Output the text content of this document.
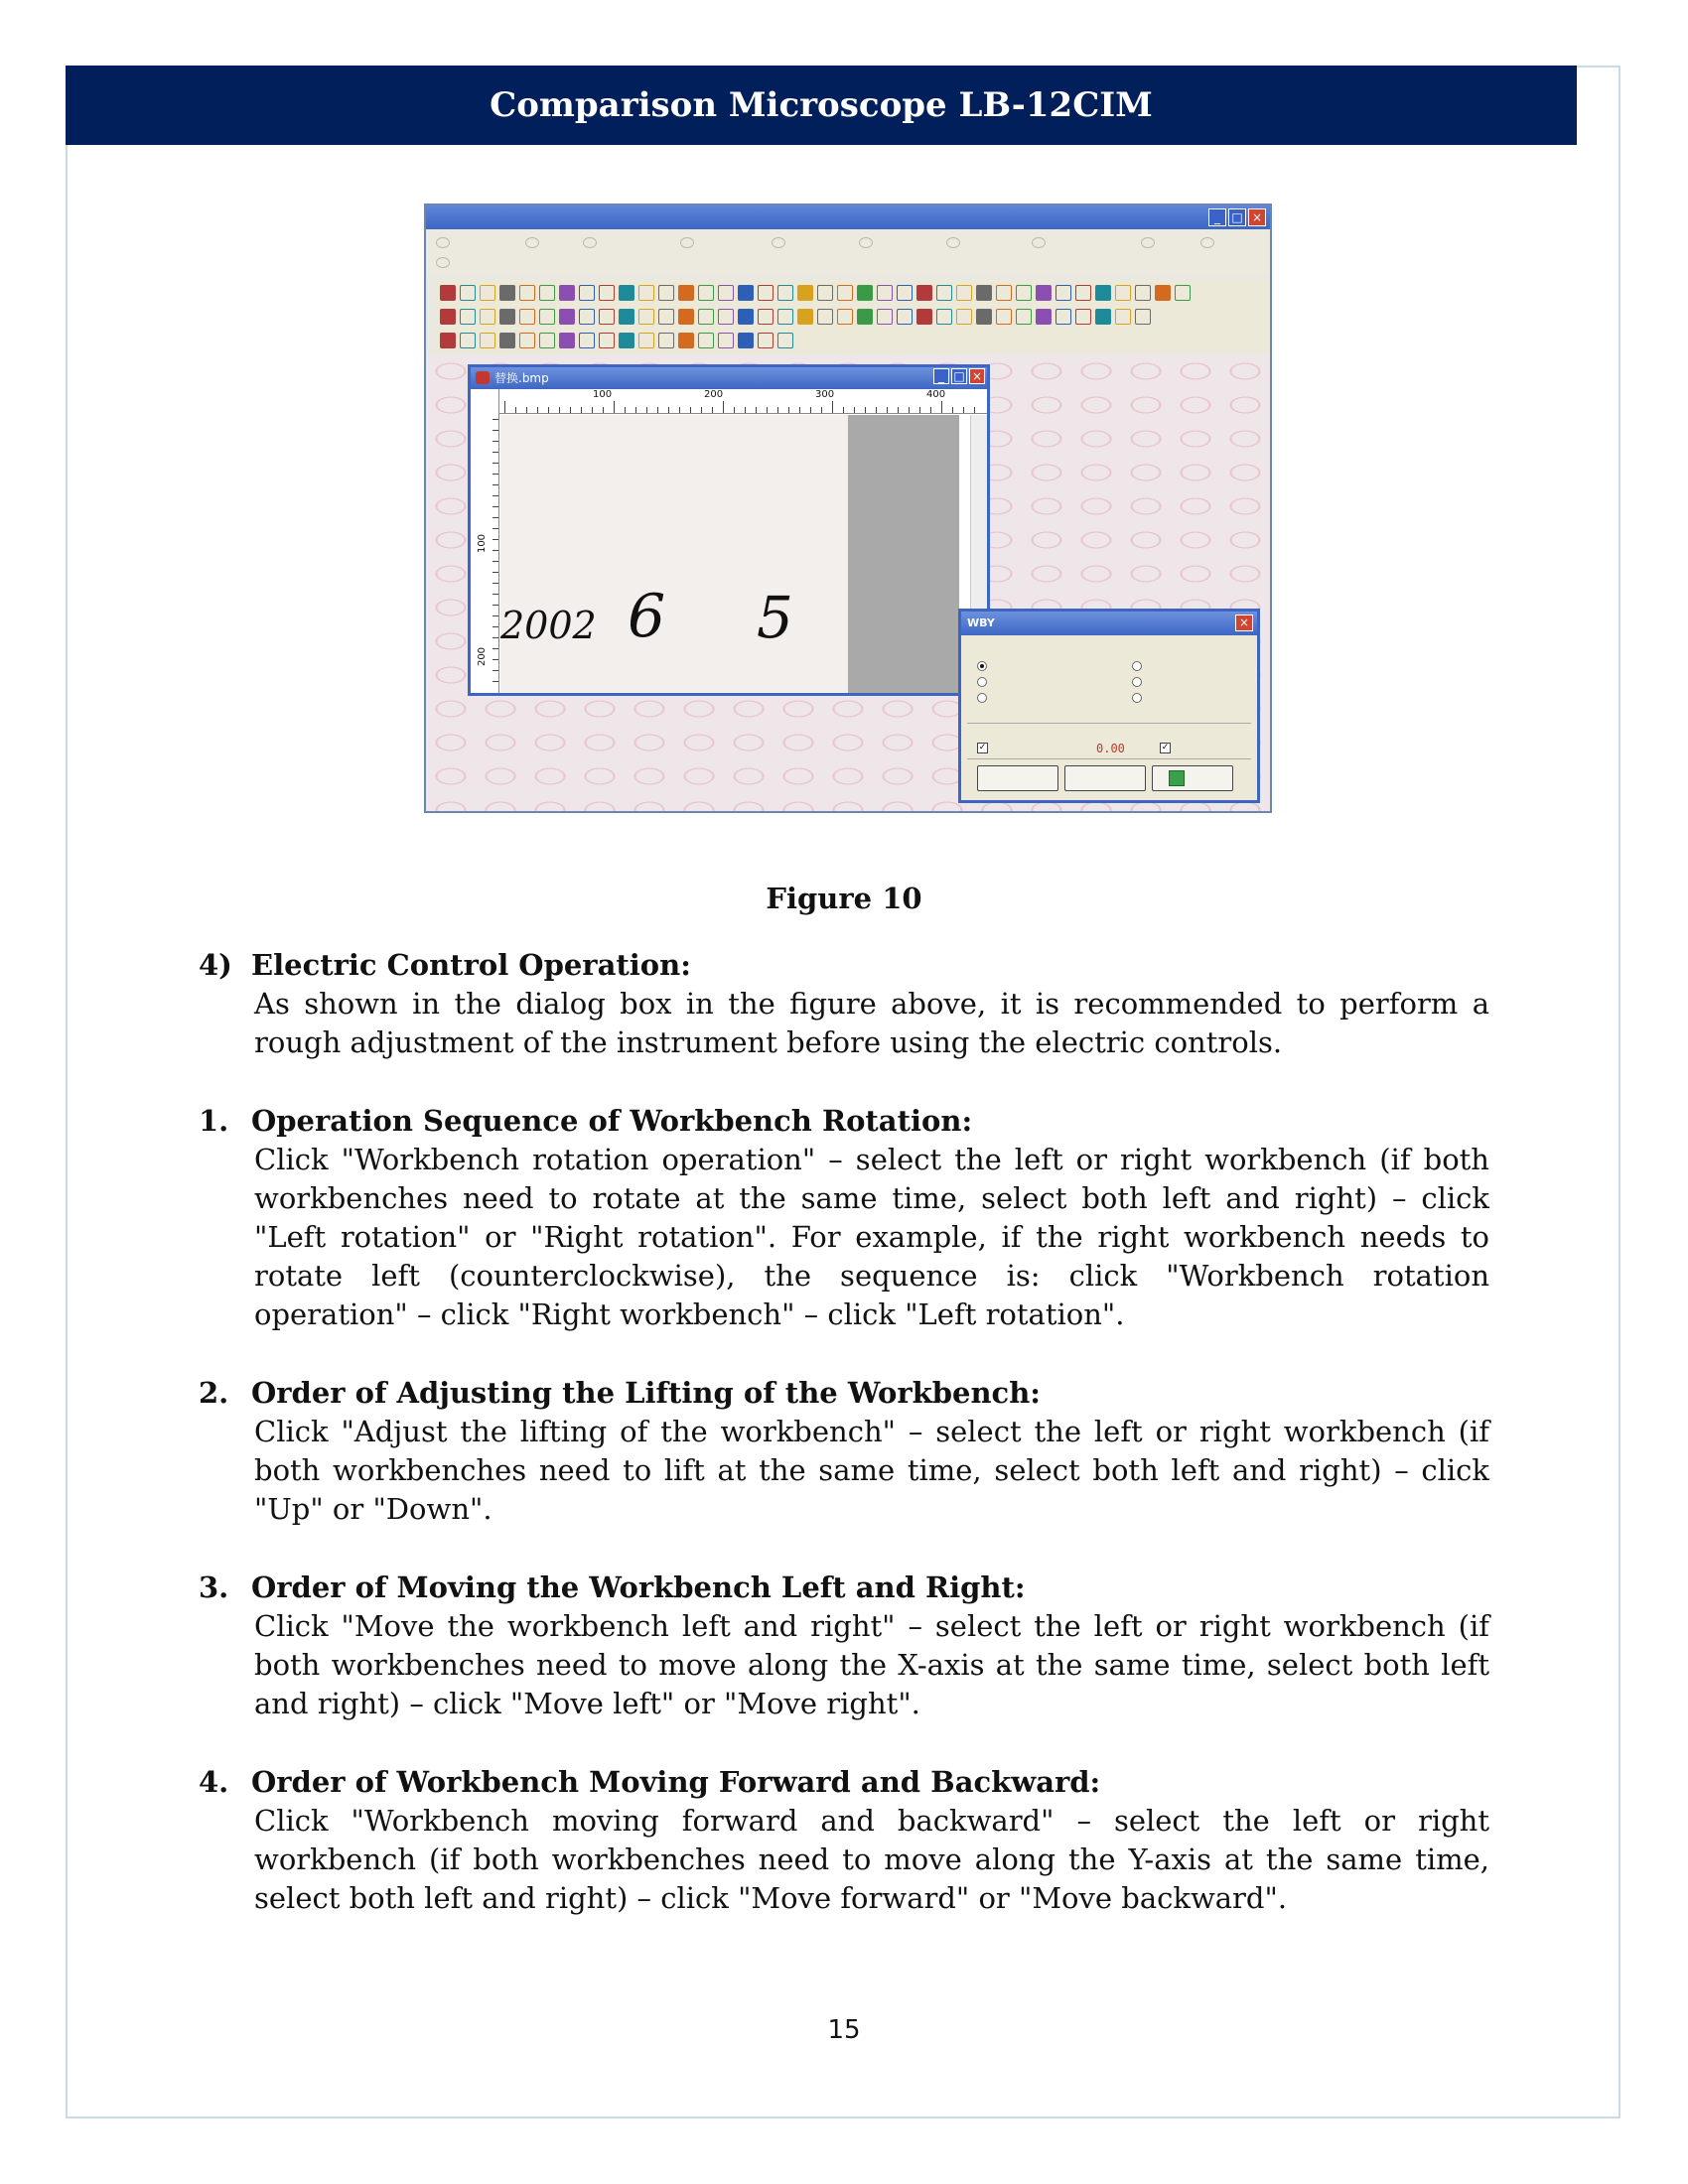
Comparison Microscope LB-12CIM
_ □ ×
替换.bmp	_ □ ×
100	200	300	400
100
200
2002 6 5	WBY	×
✓	0.00	✓
Figure 10
4) Electric Control Operation:
As shown in the dialog box in the figure above, it is recommended to perform a rough adjustment of the instrument before using the electric controls.
1. Operation Sequence of Workbench Rotation:
Click "Workbench rotation operation" – select the left or right workbench (if both workbenches need to rotate at the same time, select both left and right) – click "Left rotation" or "Right rotation". For example, if the right workbench needs to rotate left (counterclockwise), the sequence is: click "Workbench rotation operation" – click "Right workbench" – click "Left rotation".
2. Order of Adjusting the Lifting of the Workbench:
Click "Adjust the lifting of the workbench" – select the left or right workbench (if both workbenches need to lift at the same time, select both left and right) – click "Up" or "Down".
3. Order of Moving the Workbench Left and Right:
Click "Move the workbench left and right" – select the left or right workbench (if both workbenches need to move along the X-axis at the same time, select both left and right) – click "Move left" or "Move right".
4. Order of Workbench Moving Forward and Backward:
Click "Workbench moving forward and backward" – select the left or right workbench (if both workbenches need to move along the Y-axis at the same time, select both left and right) – click "Move forward" or "Move backward".
15
